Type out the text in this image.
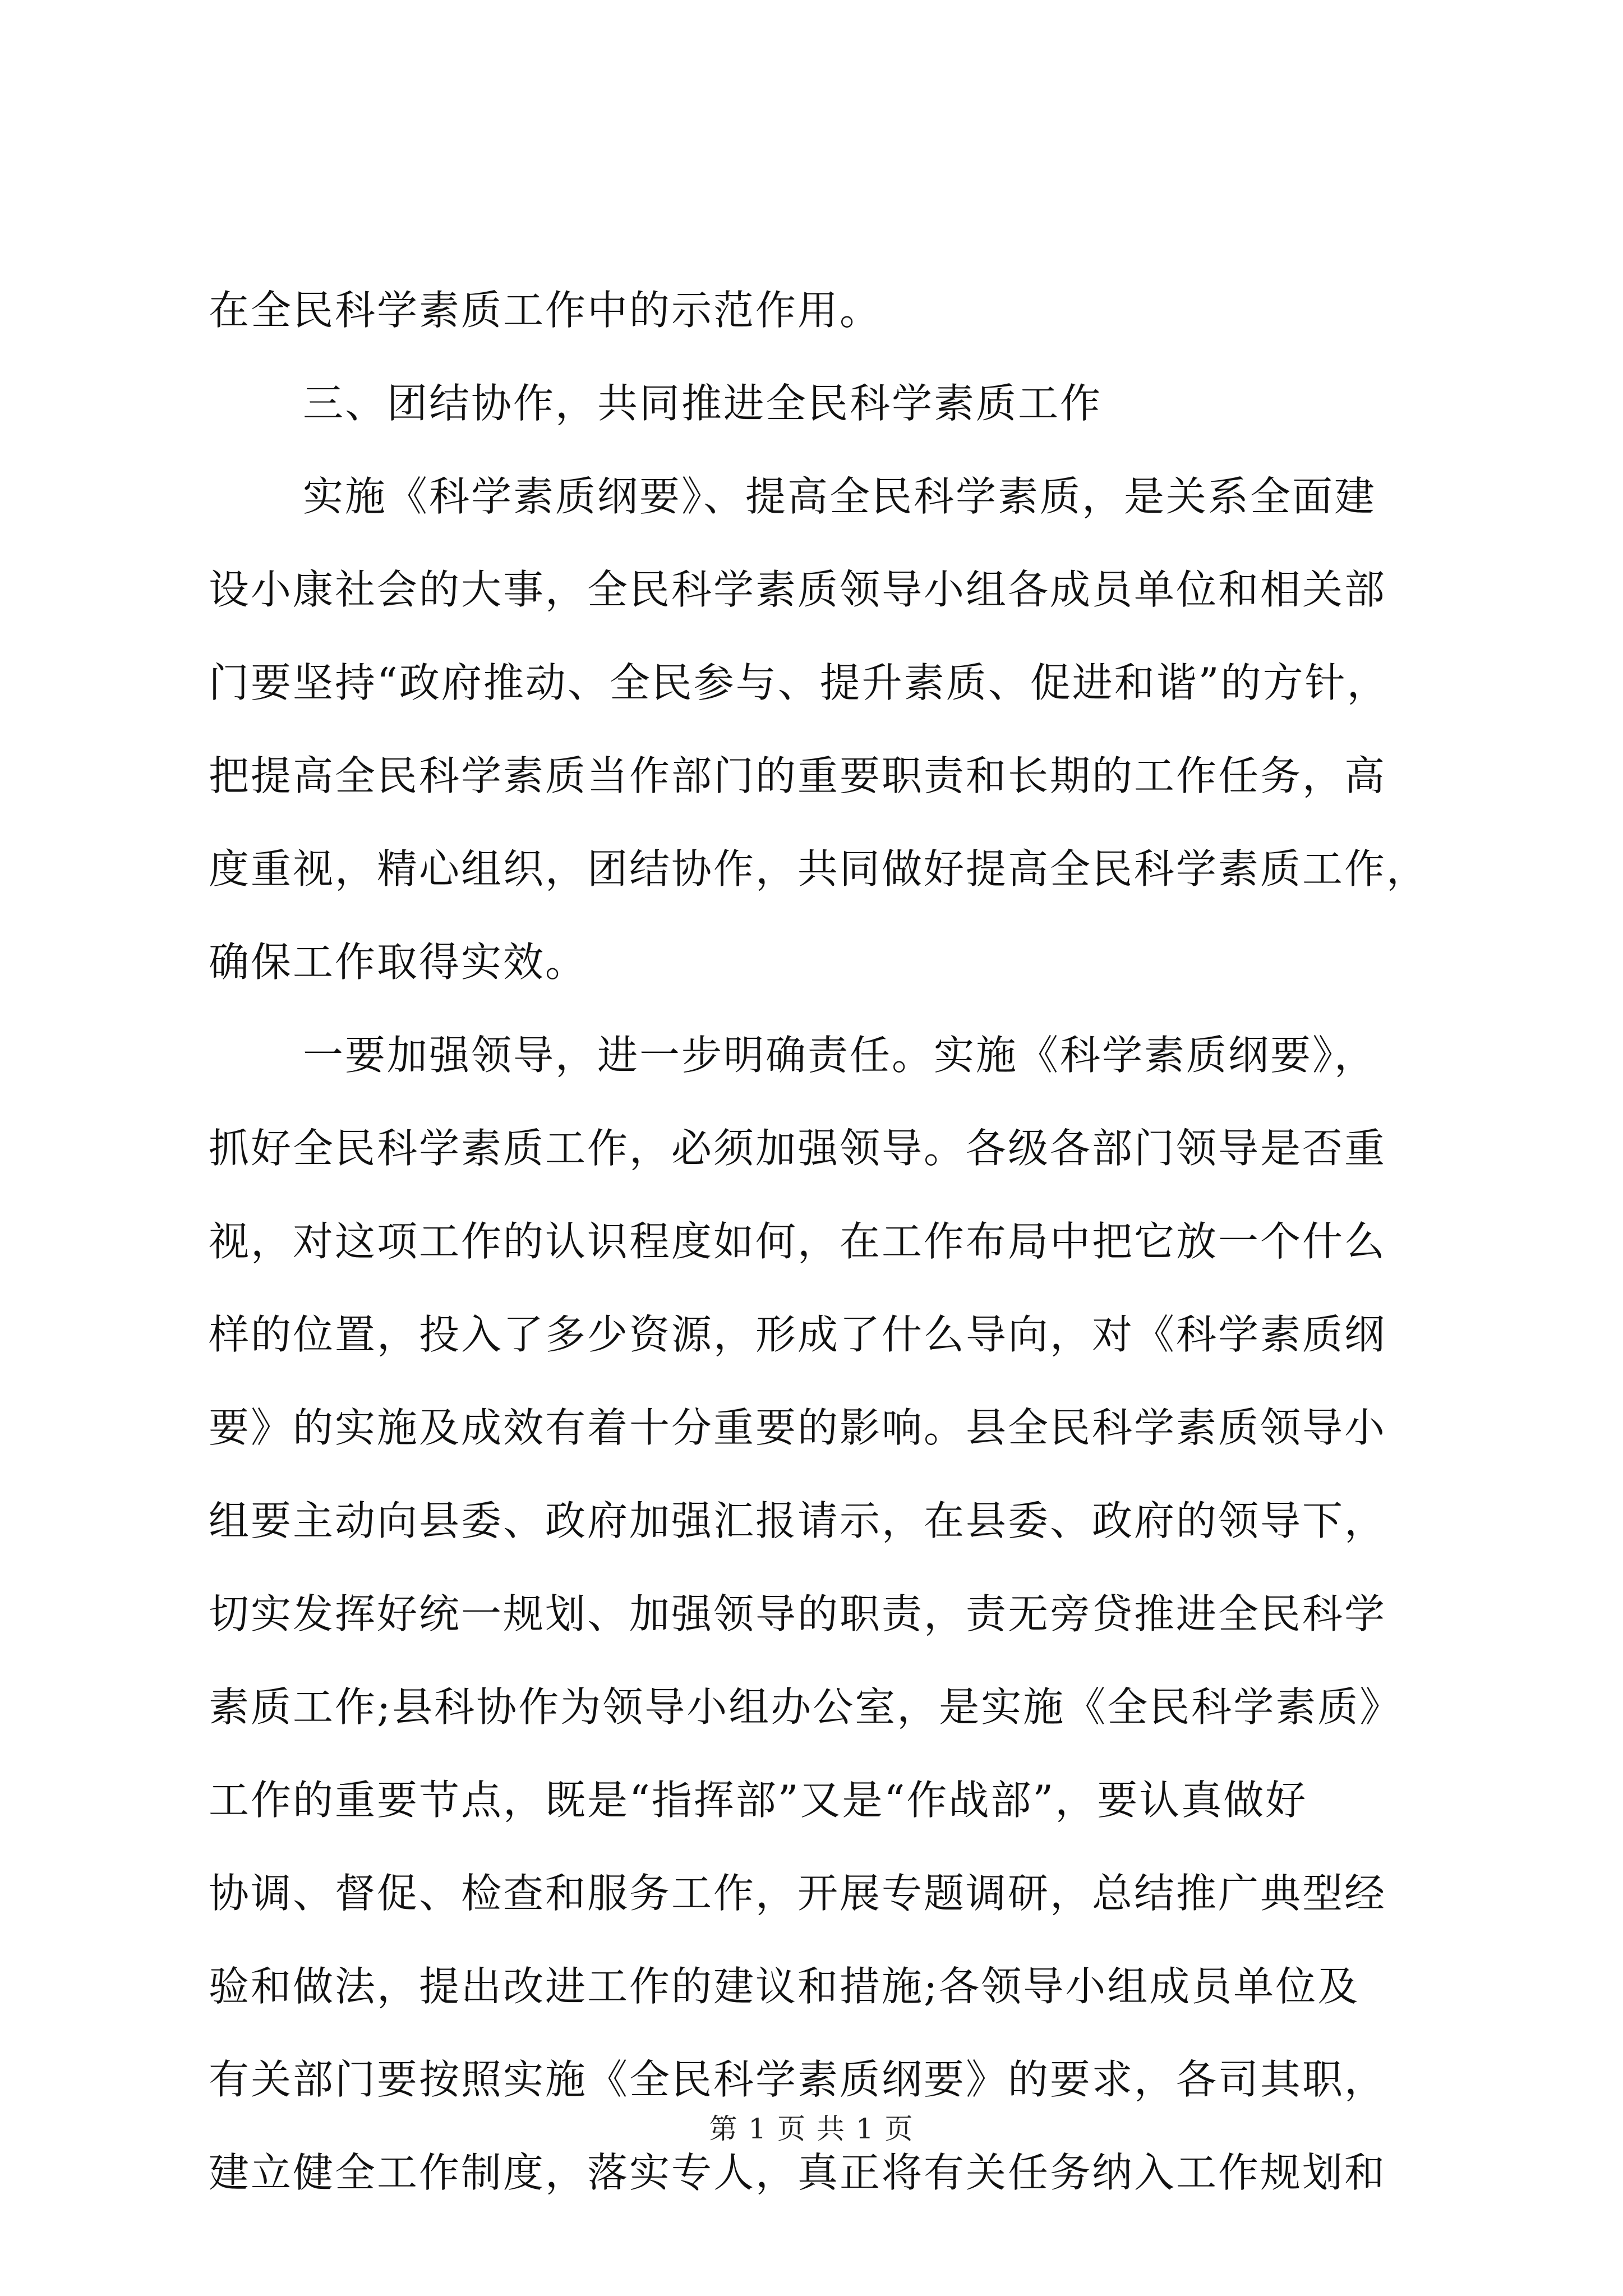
在全民科学素质工作中的示范作用。
三、团结协作，共同推进全民科学素质工作
实施《科学素质纲要》、提高全民科学素质，是关系全面建
设小康社会的大事，全民科学素质领导小组各成员单位和相关部
门要坚持“政府推动、全民参与、提升素质、促进和谐”的方针，
把提高全民科学素质当作部门的重要职责和长期的工作任务，高
度重视，精心组织，团结协作，共同做好提高全民科学素质工作，
确保工作取得实效。
一要加强领导，进一步明确责任。实施《科学素质纲要》，
抓好全民科学素质工作，必须加强领导。各级各部门领导是否重
视，对这项工作的认识程度如何，在工作布局中把它放一个什么
样的位置，投入了多少资源，形成了什么导向，对《科学素质纲
要》的实施及成效有着十分重要的影响。县全民科学素质领导小
组要主动向县委、政府加强汇报请示，在县委、政府的领导下，
切实发挥好统一规划、加强领导的职责，责无旁贷推进全民科学
素质工作;县科协作为领导小组办公室，是实施《全民科学素质》
工作的重要节点，既是“指挥部”又是“作战部”，要认真做好
协调、督促、检查和服务工作，开展专题调研，总结推广典型经
验和做法，提出改进工作的建议和措施;各领导小组成员单位及
有关部门要按照实施《全民科学素质纲要》的要求，各司其职，
建立健全工作制度，落实专人，真正将有关任务纳入工作规划和
第 1 页 共 1 页
